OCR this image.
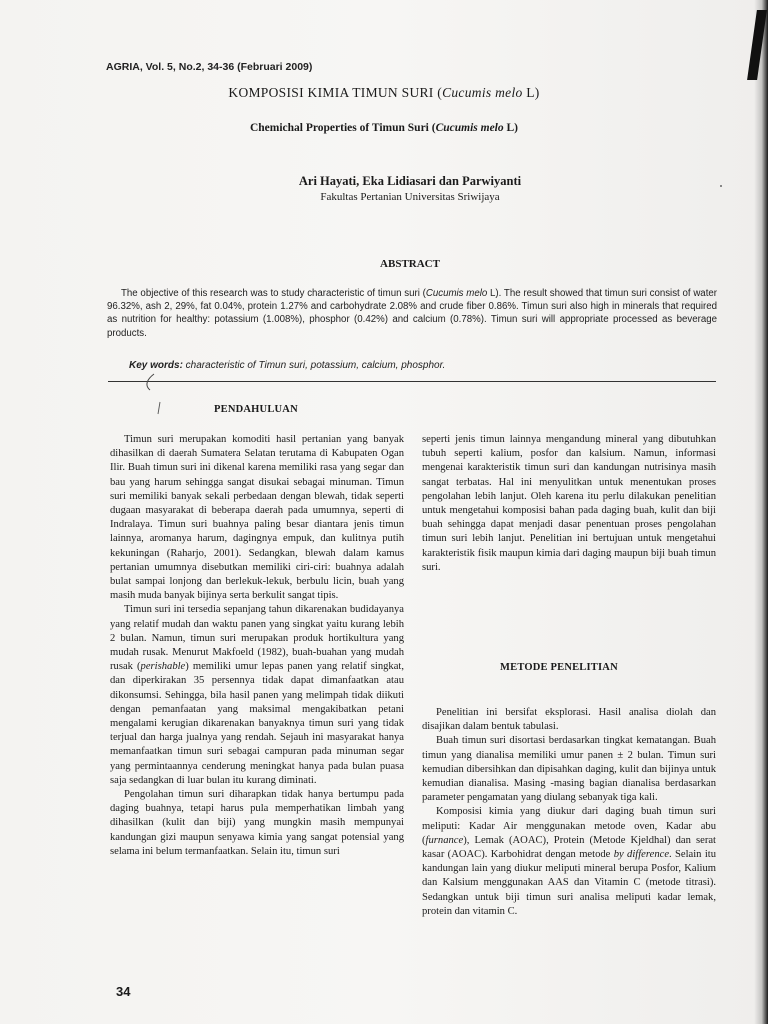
AGRIA, Vol. 5, No.2, 34-36 (Februari 2009)
KOMPOSISI KIMIA TIMUN SURI (Cucumis melo L)
Chemichal Properties of Timun Suri (Cucumis melo L)
Ari Hayati, Eka Lidiasari dan Parwiyanti
Fakultas Pertanian Universitas Sriwijaya
ABSTRACT
The objective of this research was to study characteristic of timun suri (Cucumis melo L). The result showed that timun suri consist of water 96.32%, ash 2, 29%, fat 0.04%, protein 1.27% and carbohydrate 2.08% and crude fiber 0.86%. Timun suri also high in minerals that required as nutrition for healthy: potassium (1.008%), phosphor (0.42%) and calcium (0.78%). Timun suri will appropriate processed as beverage products.
Key words: characteristic of Timun suri, potassium, calcium, phosphor.
PENDAHULUAN

Timun suri merupakan komoditi hasil pertanian yang banyak dihasilkan di daerah Sumatera Selatan terutama di Kabupaten Ogan Ilir. Buah timun suri ini dikenal karena memiliki rasa yang segar dan bau yang harum sehingga sangat disukai sebagai minuman. Timun suri memiliki banyak sekali perbedaan dengan blewah, tidak seperti dugaan masyarakat di beberapa daerah pada umumnya, seperti di Indralaya. Timun suri buahnya paling besar diantara jenis timun lainnya, aromanya harum, dagingnya empuk, dan kulitnya putih kekuningan (Raharjo, 2001). Sedangkan, blewah dalam kamus pertanian umumnya disebutkan memiliki ciri-ciri: buahnya adalah bulat sampai lonjong dan berlekuk-lekuk, berbulu licin, buah yang masih muda banyak bijinya serta berkulit sangat tipis.

Timun suri ini tersedia sepanjang tahun dikarenakan budidayanya yang relatif mudah dan waktu panen yang singkat yaitu kurang lebih 2 bulan. Namun, timun suri merupakan produk hortikultura yang mudah rusak. Menurut Makfoeld (1982), buah-buahan yang mudah rusak (perishable) memiliki umur lepas panen yang relatif singkat, dan diperkirakan 35 persennya tidak dapat dimanfaatkan atau dikonsumsi. Sehingga, bila hasil panen yang melimpah tidak diikuti dengan pemanfaatan yang maksimal mengakibatkan petani mengalami kerugian dikarenakan banyaknya timun suri yang tidak terjual dan harga jualnya yang rendah. Sejauh ini masyarakat hanya memanfaatkan timun suri sebagai campuran pada minuman segar yang permintaannya cenderung meningkat hanya pada bulan puasa saja sedangkan di luar bulan itu kurang diminati.

Pengolahan timun suri diharapkan tidak hanya bertumpu pada daging buahnya, tetapi harus pula memperhatikan limbah yang dihasilkan (kulit dan biji) yang mungkin masih mempunyai kandungan gizi maupun senyawa kimia yang sangat potensial yang selama ini belum termanfaatkan. Selain itu, timun suri

seperti jenis timun lainnya mengandung mineral yang dibutuhkan tubuh seperti kalium, posfor dan kalsium. Namun, informasi mengenai karakteristik timun suri dan kandungan nutrisinya masih sangat terbatas. Hal ini menyulitkan untuk menentukan proses pengolahan lebih lanjut. Oleh karena itu perlu dilakukan penelitian untuk mengetahui komposisi bahan pada daging buah, kulit dan biji buah sehingga dapat menjadi dasar penentuan proses pengolahan timun suri lebih lanjut. Penelitian ini bertujuan untuk mengetahui karakteristik fisik maupun kimia dari daging maupun biji buah timun suri.

METODE PENELITIAN

Penelitian ini bersifat eksplorasi. Hasil analisa diolah dan disajikan dalam bentuk tabulasi.

Buah timun suri disortasi berdasarkan tingkat kematangan. Buah timun yang dianalisa memiliki umur panen ± 2 bulan. Timun suri kemudian dibersihkan dan dipisahkan daging, kulit dan bijinya untuk kemudian dianalisa. Masing -masing bagian dianalisa berdasarkan parameter pengamatan yang diulang sebanyak tiga kali.

Komposisi kimia yang diukur dari daging buah timun suri meliputi: Kadar Air menggunakan metode oven, Kadar abu (furnance), Lemak (AOAC), Protein (Metode Kjeldhal) dan serat kasar (AOAC). Karbohidrat dengan metode by difference. Selain itu kandungan lain yang diukur meliputi mineral berupa Posfor, Kalium dan Kalsium menggunakan AAS dan Vitamin C (metode titrasi). Sedangkan untuk biji timun suri analisa meliputi kadar lemak, protein dan vitamin C.

34
